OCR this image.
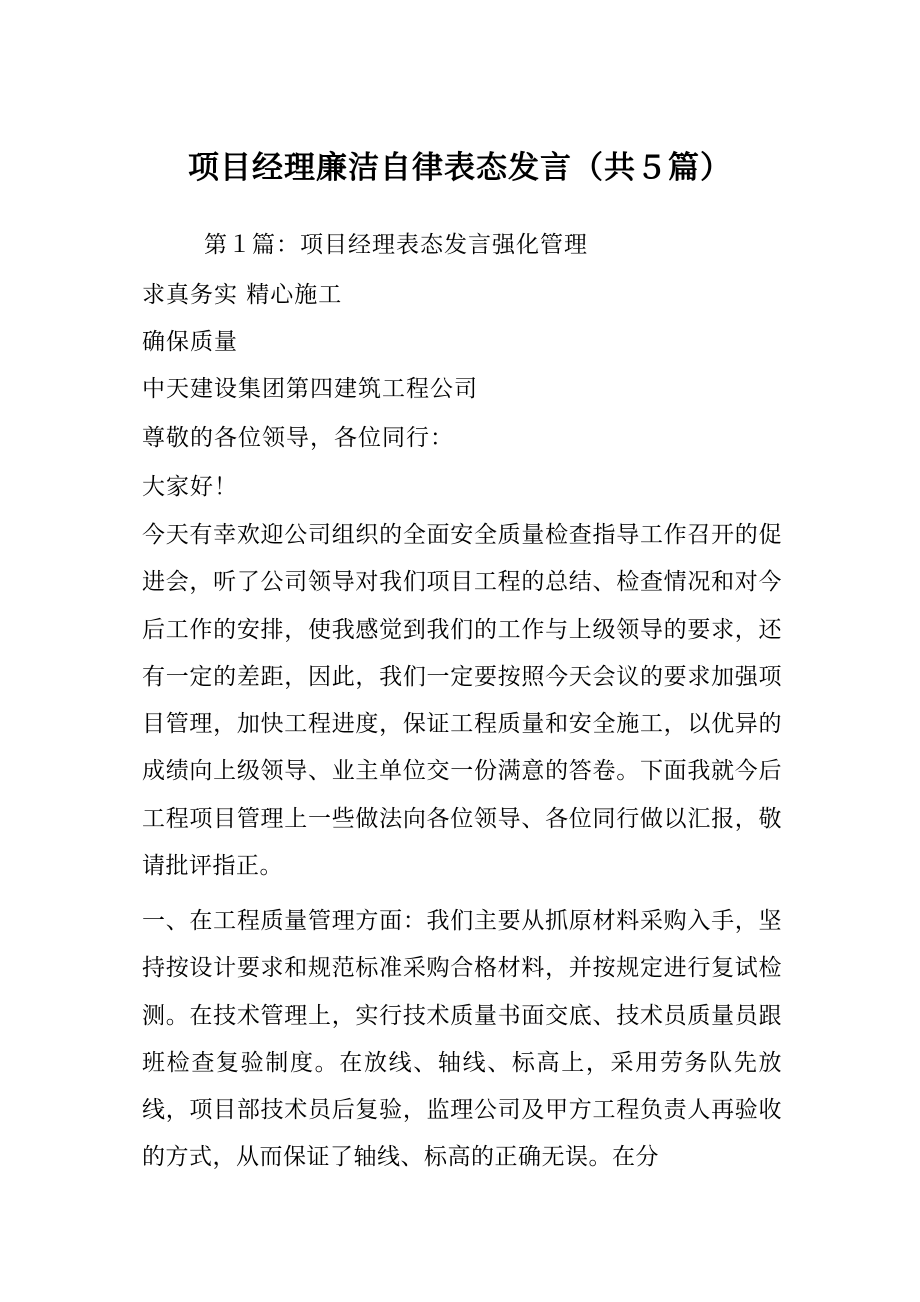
项目经理廉洁自律表态发言（共５篇）
第１篇：项目经理表态发言强化管理
求真务实 精心施工
确保质量
中天建设集团第四建筑工程公司
尊敬的各位领导，各位同行：
大家好！

今天有幸欢迎公司组织的全面安全质量检查指导工作召开的促进会，听了公司领导对我们项目工程的总结、检查情况和对今后工作的安排，使我感觉到我们的工作与上级领导的要求，还有一定的差距，因此，我们一定要按照今天会议的要求加强项目管理，加快工程进度，保证工程质量和安全施工，以优异的成绩向上级领导、业主单位交一份满意的答卷。下面我就今后工程项目管理上一些做法向各位领导、各位同行做以汇报，敬请批评指正。

一、在工程质量管理方面：我们主要从抓原材料采购入手，坚持按设计要求和规范标准采购合格材料，并按规定进行复试检测。在技术管理上，实行技术质量书面交底、技术员质量员跟班检查复验制度。在放线、轴线、标高上，采用劳务队先放线，项目部技术员后复验，监理公司及甲方工程负责人再验收的方式，从而保证了轴线、标高的正确无误。在分
